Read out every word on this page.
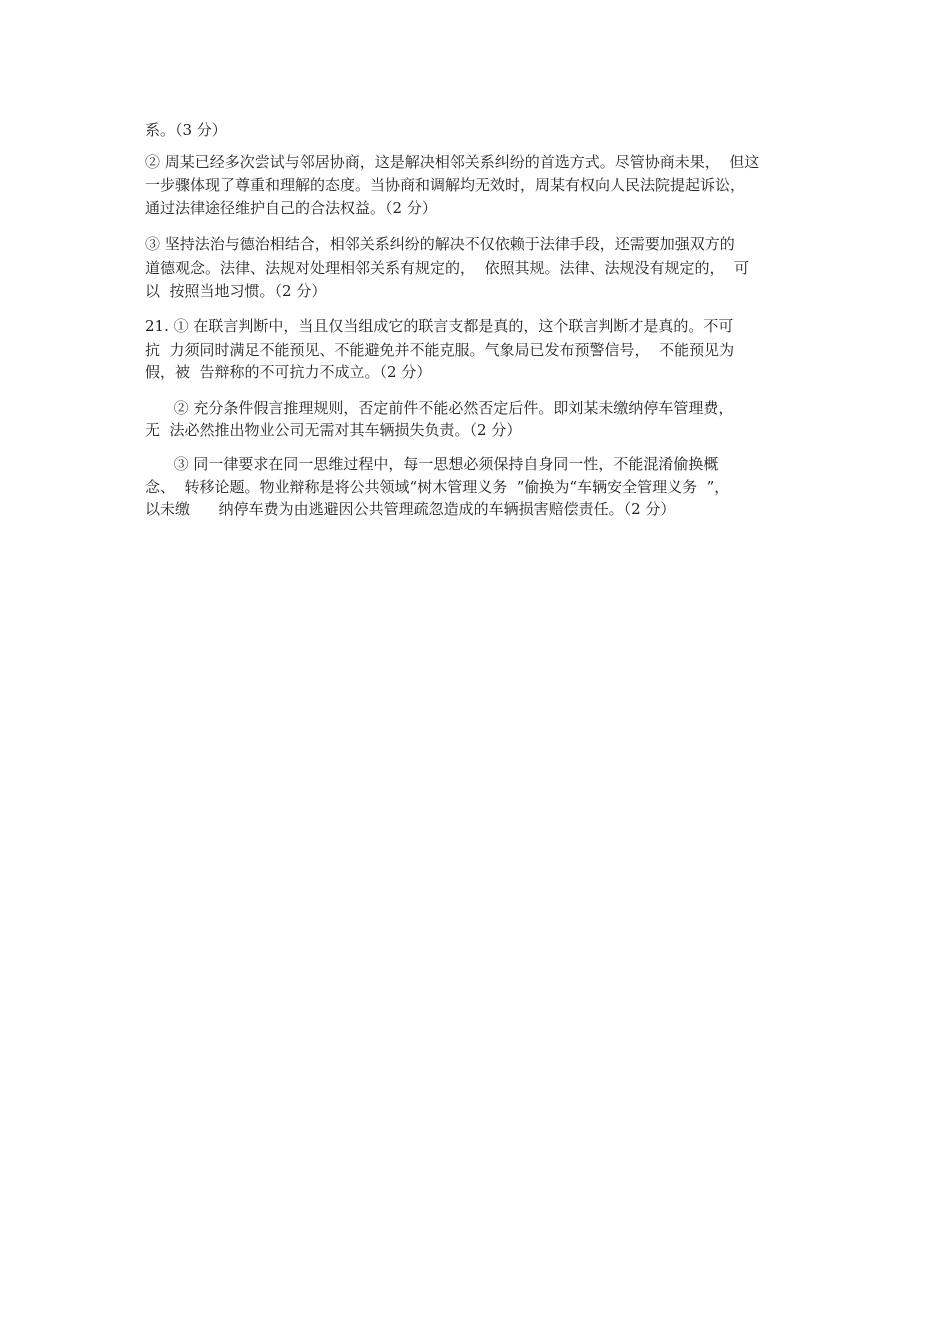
系。（3 分）
② 周某已经多次尝试与邻居协商，这是解决相邻关系纠纷的首选方式。尽管协商未果，  但这
一步骤体现了尊重和理解的态度。当协商和调解均无效时，周某有权向人民法院提起诉讼，
通过法律途径维护自己的合法权益。（2 分）
③ 坚持法治与德治相结合，相邻关系纠纷的解决不仅依赖于法律手段，还需要加强双方的
道德观念。法律、法规对处理相邻关系有规定的，  依照其规。法律、法规没有规定的，  可
以  按照当地习惯。（2 分）
21. ① 在联言判断中，当且仅当组成它的联言支都是真的，这个联言判断才是真的。不可
抗  力须同时满足不能预见、不能避免并不能克服。气象局已发布预警信号，  不能预见为
假，被  告辩称的不可抗力不成立。（2 分）
② 充分条件假言推理规则，否定前件不能必然否定后件。即刘某未缴纳停车管理费，
无  法必然推出物业公司无需对其车辆损失负责。（2 分）
③ 同一律要求在同一思维过程中，每一思想必须保持自身同一性，不能混淆偷换概
念、  转移论题。物业辩称是将公共领域“树木管理义务  ”偷换为“车辆安全管理义务  ”，
以未缴      纳停车费为由逃避因公共管理疏忽造成的车辆损害赔偿责任。（2 分）
